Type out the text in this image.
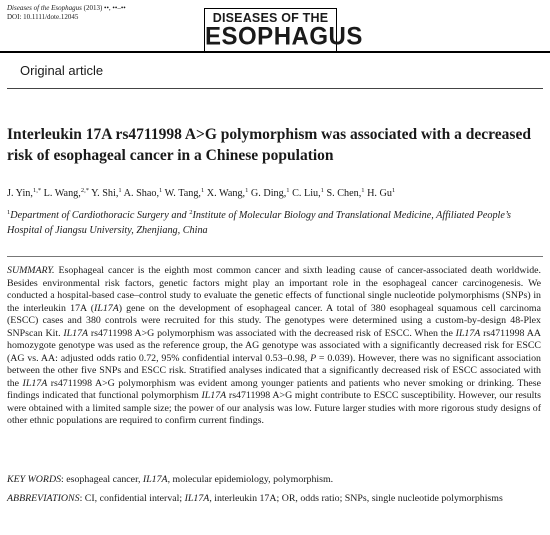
Diseases of the Esophagus (2013) ••, ••–••
DOI: 10.1111/dote.12045	DISEASES OF THE
ESOPHAGUS
Original article
Interleukin 17A rs4711998 A>G polymorphism was associated with a decreased risk of esophageal cancer in a Chinese population
J. Yin,$^{1,*}$ L. Wang,$^{2,*}$ Y. Shi,$^1$ A. Shao,$^1$ W. Tang,$^1$ X. Wang,$^1$ G. Ding,$^1$ C. Liu,$^1$ S. Chen,$^1$ H. Gu$^1$
$^1$Department of Cardiothoracic Surgery and $^2$Institute of Molecular Biology and Translational Medicine, Affiliated People’s Hospital of Jiangsu University, Zhenjiang, China
SUMMARY. Esophageal cancer is the eighth most common cancer and sixth leading cause of cancer-associated death worldwide. Besides environmental risk factors, genetic factors might play an important role in the esophageal cancer carcinogenesis. We conducted a hospital-based case–control study to evaluate the genetic effects of functional single nucleotide polymorphisms (SNPs) in the interleukin 17A (IL17A) gene on the development of esophageal cancer. A total of 380 esophageal squamous cell carcinoma (ESCC) cases and 380 controls were recruited for this study. The genotypes were determined using a custom-by-design 48-Plex SNPscan Kit. IL17A rs4711998 A>G polymorphism was associated with the decreased risk of ESCC. When the IL17A rs4711998 AA homozygote genotype was used as the reference group, the AG genotype was associated with a significantly decreased risk for ESCC (AG vs. AA: adjusted odds ratio 0.72, 95% confidential interval 0.53–0.98, P = 0.039). However, there was no significant association between the other five SNPs and ESCC risk. Stratified analyses indicated that a significantly decreased risk of ESCC associated with the IL17A rs4711998 A>G polymorphism was evident among younger patients and patients who never smoking or drinking. These findings indicated that functional polymorphism IL17A rs4711998 A>G might contribute to ESCC susceptibility. However, our results were obtained with a limited sample size; the power of our analysis was low. Future larger studies with more rigorous study designs of other ethnic populations are required to confirm current findings.
KEY WORDS: esophageal cancer, IL17A, molecular epidemiology, polymorphism.
ABBREVIATIONS: CI, confidential interval; IL17A, interleukin 17A; OR, odds ratio; SNPs, single nucleotide polymorphisms
